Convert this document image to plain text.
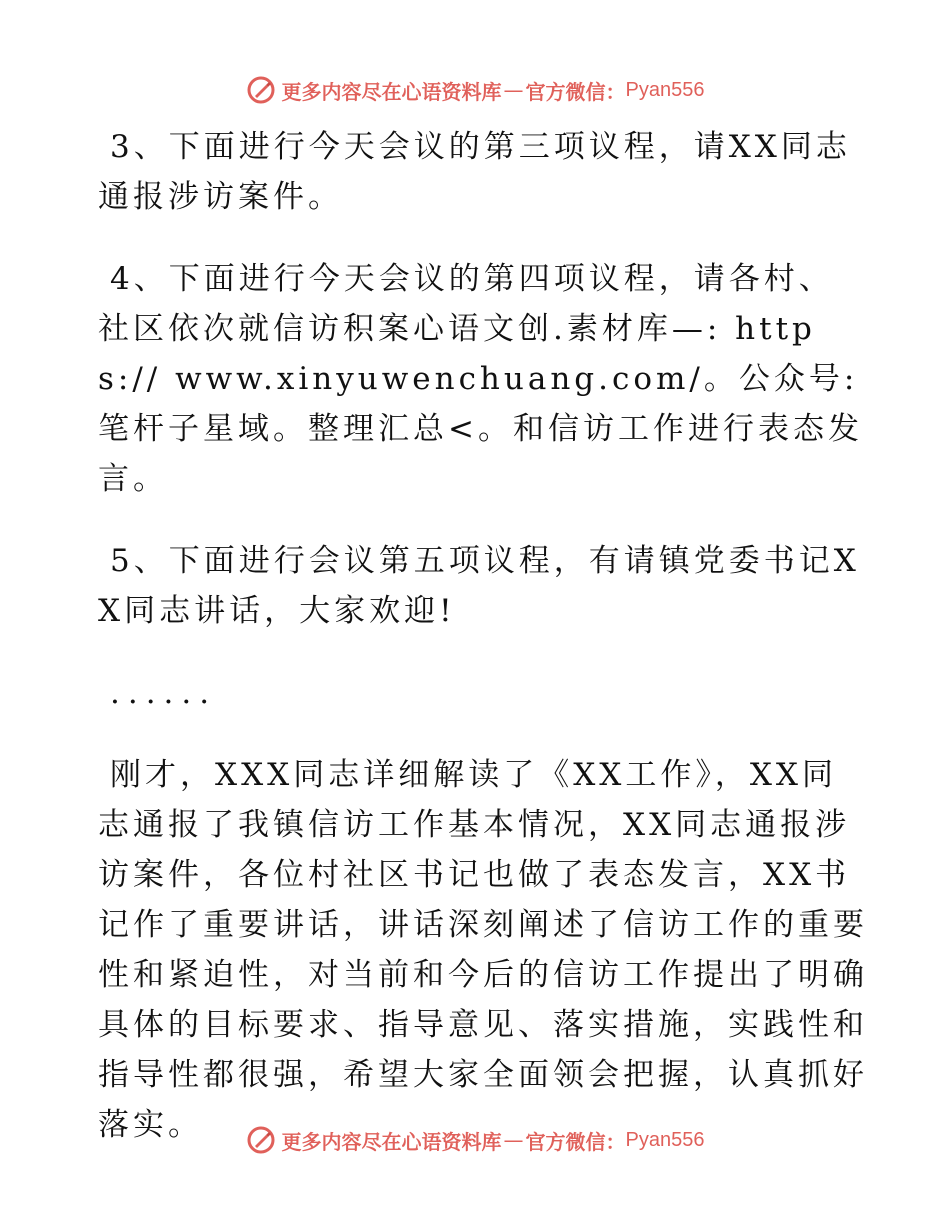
更多内容尽在心语资料库 — 官方微信： Pyan556

3、下面进行今天会议的第三项议程，请XX同志通报涉访案件。

4、下面进行今天会议的第四项议程，请各村、社区依次就信访积案心语文创.素材库—: https:// www.xinyuwenchuang.com/。公众号: 笔杆子星域。整理汇总<。和信访工作进行表态发言。

5、下面进行会议第五项议程，有请镇党委书记XX同志讲话，大家欢迎!

......

刚才，XXX同志详细解读了《XX工作》，XX同志通报了我镇信访工作基本情况，XX同志通报涉访案件，各位村社区书记也做了表态发言，XX书记作了重要讲话，讲话深刻阐述了信访工作的重要性和紧迫性，对当前和今后的信访工作提出了明确具体的目标要求、指导意见、落实措施，实践性和指导性都很强，希望大家全面领会把握，认真抓好落实。	更多内容尽在心语资料库 — 官方微信： Pyan556
